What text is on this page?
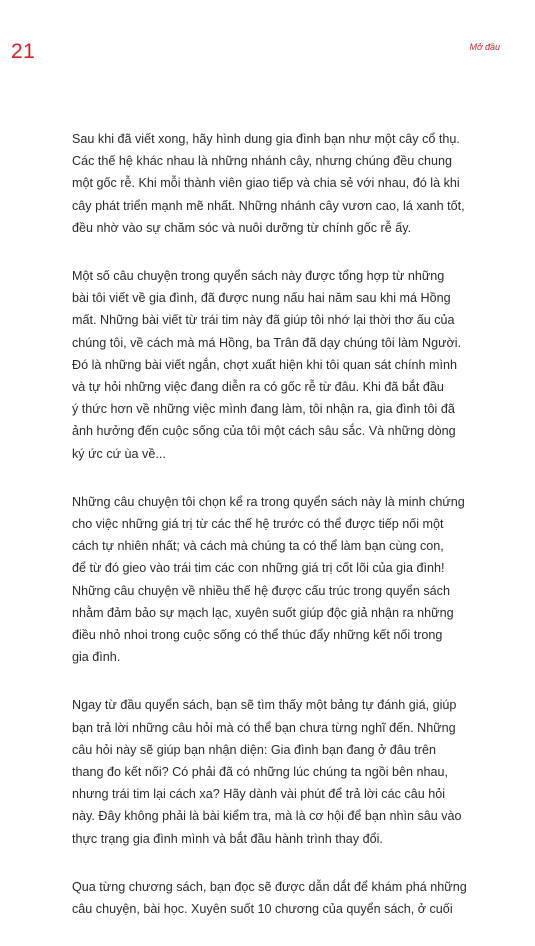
21	Mở đầu

Sau khi đã viết xong, hãy hình dung gia đình bạn như một cây cổ thụ.
Các thế hệ khác nhau là những nhánh cây, nhưng chúng đều chung
một gốc rễ. Khi mỗi thành viên giao tiếp và chia sẻ với nhau, đó là khi
cây phát triển mạnh mẽ nhất. Những nhánh cây vươn cao, lá xanh tốt,
đều nhờ vào sự chăm sóc và nuôi dưỡng từ chính gốc rễ ấy.

Một số câu chuyện trong quyển sách này được tổng hợp từ những
bài tôi viết về gia đình, đã được nung nấu hai năm sau khi má Hồng
mất. Những bài viết từ trái tim này đã giúp tôi nhớ lại thời thơ ấu của
chúng tôi, về cách mà má Hồng, ba Trân đã dạy chúng tôi làm Người.
Đó là những bài viết ngắn, chợt xuất hiện khi tôi quan sát chính mình
và tự hỏi những việc đang diễn ra có gốc rễ từ đâu. Khi đã bắt đầu
ý thức hơn về những việc mình đang làm, tôi nhận ra, gia đình tôi đã
ảnh hưởng đến cuộc sống của tôi một cách sâu sắc. Và những dòng
ký ức cứ ùa về...

Những câu chuyện tôi chọn kể ra trong quyển sách này là minh chứng
cho việc những giá trị từ các thế hệ trước có thể được tiếp nối một
cách tự nhiên nhất; và cách mà chúng ta có thể làm bạn cùng con,
để từ đó gieo vào trái tim các con những giá trị cốt lõi của gia đình!
Những câu chuyện về nhiều thế hệ được cấu trúc trong quyển sách
nhằm đảm bảo sự mạch lạc, xuyên suốt giúp độc giả nhận ra những
điều nhỏ nhoi trong cuộc sống có thể thúc đẩy những kết nối trong
gia đình.

Ngay từ đầu quyển sách, bạn sẽ tìm thấy một bảng tự đánh giá, giúp
bạn trả lời những câu hỏi mà có thể bạn chưa từng nghĩ đến. Những
câu hỏi này sẽ giúp bạn nhận diện: Gia đình bạn đang ở đâu trên
thang đo kết nối? Có phải đã có những lúc chúng ta ngồi bên nhau,
nhưng trái tim lại cách xa? Hãy dành vài phút để trả lời các câu hỏi
này. Đây không phải là bài kiểm tra, mà là cơ hội để bạn nhìn sâu vào
thực trạng gia đình mình và bắt đầu hành trình thay đổi.

Qua từng chương sách, bạn đọc sẽ được dẫn dắt để khám phá những
câu chuyện, bài học. Xuyên suốt 10 chương của quyển sách, ở cuối
